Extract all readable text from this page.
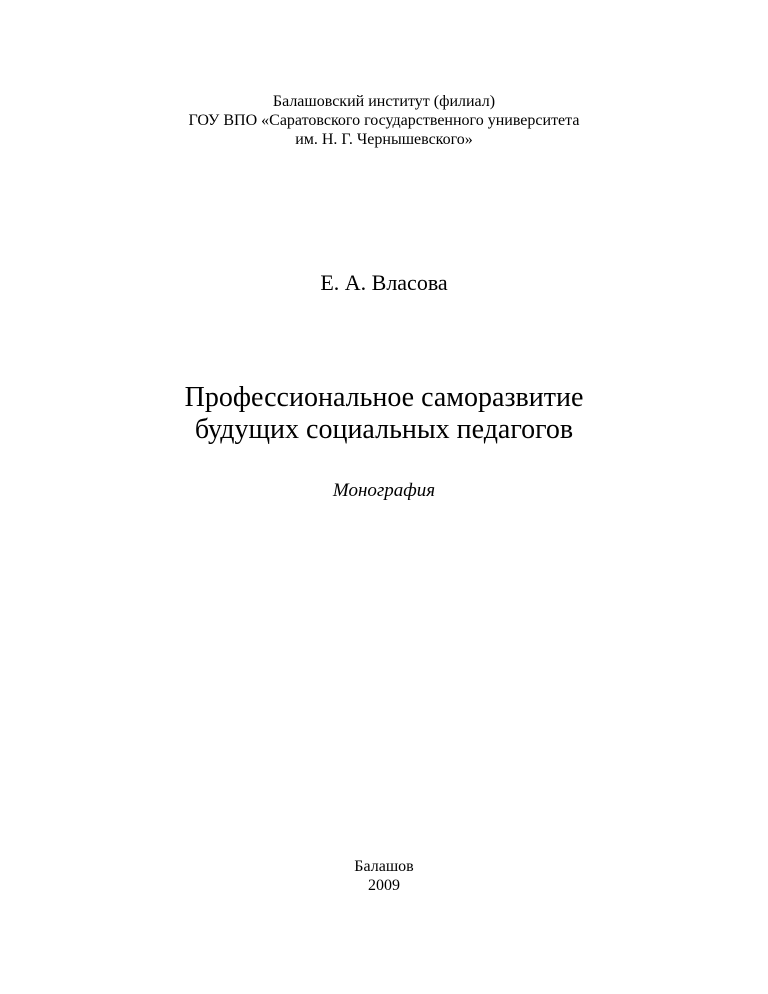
Балашовский институт (филиал)
ГОУ ВПО «Саратовского государственного университета
им. Н. Г. Чернышевского»
Е. А. Власова
Профессиональное саморазвитие
будущих социальных педагогов
Монография
Балашов
2009
